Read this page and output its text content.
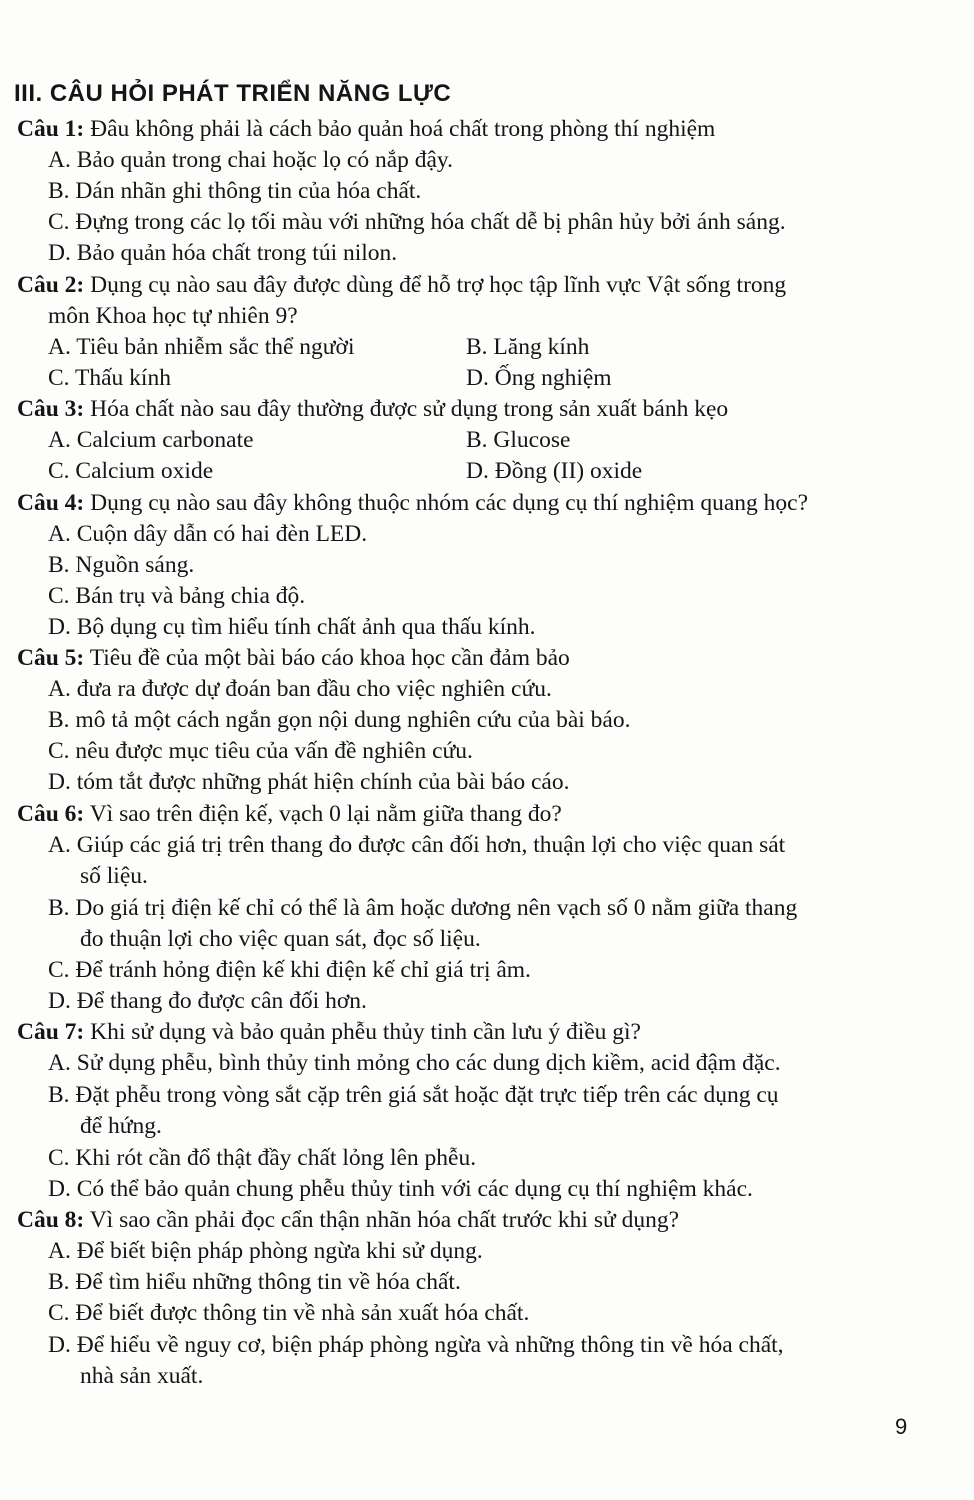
III. CÂU HỎI PHÁT TRIỂN NĂNG LỰC
Câu 1: Đâu không phải là cách bảo quản hoá chất trong phòng thí nghiệm
A. Bảo quản trong chai hoặc lọ có nắp đậy.
B. Dán nhãn ghi thông tin của hóa chất.
C. Đựng trong các lọ tối màu với những hóa chất dễ bị phân hủy bởi ánh sáng.
D. Bảo quản hóa chất trong túi nilon.
Câu 2: Dụng cụ nào sau đây được dùng để hỗ trợ học tập lĩnh vực Vật sống trong
môn Khoa học tự nhiên 9?
A. Tiêu bản nhiễm sắc thể người	B. Lăng kính
C. Thấu kính	D. Ống nghiệm
Câu 3: Hóa chất nào sau đây thường được sử dụng trong sản xuất bánh kẹo
A. Calcium carbonate	B. Glucose
C. Calcium oxide	D. Đồng (II) oxide
Câu 4: Dụng cụ nào sau đây không thuộc nhóm các dụng cụ thí nghiệm quang học?
A. Cuộn dây dẫn có hai đèn LED.
B. Nguồn sáng.
C. Bán trụ và bảng chia độ.
D. Bộ dụng cụ tìm hiểu tính chất ảnh qua thấu kính.
Câu 5: Tiêu đề của một bài báo cáo khoa học cần đảm bảo
A. đưa ra được dự đoán ban đầu cho việc nghiên cứu.
B. mô tả một cách ngắn gọn nội dung nghiên cứu của bài báo.
C. nêu được mục tiêu của vấn đề nghiên cứu.
D. tóm tắt được những phát hiện chính của bài báo cáo.
Câu 6: Vì sao trên điện kế, vạch 0 lại nằm giữa thang đo?
A. Giúp các giá trị trên thang đo được cân đối hơn, thuận lợi cho việc quan sát
số liệu.
B. Do giá trị điện kế chỉ có thể là âm hoặc dương nên vạch số 0 nằm giữa thang
đo thuận lợi cho việc quan sát, đọc số liệu.
C. Để tránh hỏng điện kế khi điện kế chỉ giá trị âm.
D. Để thang đo được cân đối hơn.
Câu 7: Khi sử dụng và bảo quản phễu thủy tinh cần lưu ý điều gì?
A. Sử dụng phễu, bình thủy tinh mỏng cho các dung dịch kiềm, acid đậm đặc.
B. Đặt phễu trong vòng sắt cặp trên giá sắt hoặc đặt trực tiếp trên các dụng cụ
để hứng.
C. Khi rót cần đổ thật đầy chất lỏng lên phễu.
D. Có thể bảo quản chung phễu thủy tinh với các dụng cụ thí nghiệm khác.
Câu 8: Vì sao cần phải đọc cẩn thận nhãn hóa chất trước khi sử dụng?
A. Để biết biện pháp phòng ngừa khi sử dụng.
B. Để tìm hiểu những thông tin về hóa chất.
C. Để biết được thông tin về nhà sản xuất hóa chất.
D. Để hiểu về nguy cơ, biện pháp phòng ngừa và những thông tin về hóa chất,
nhà sản xuất.
9
